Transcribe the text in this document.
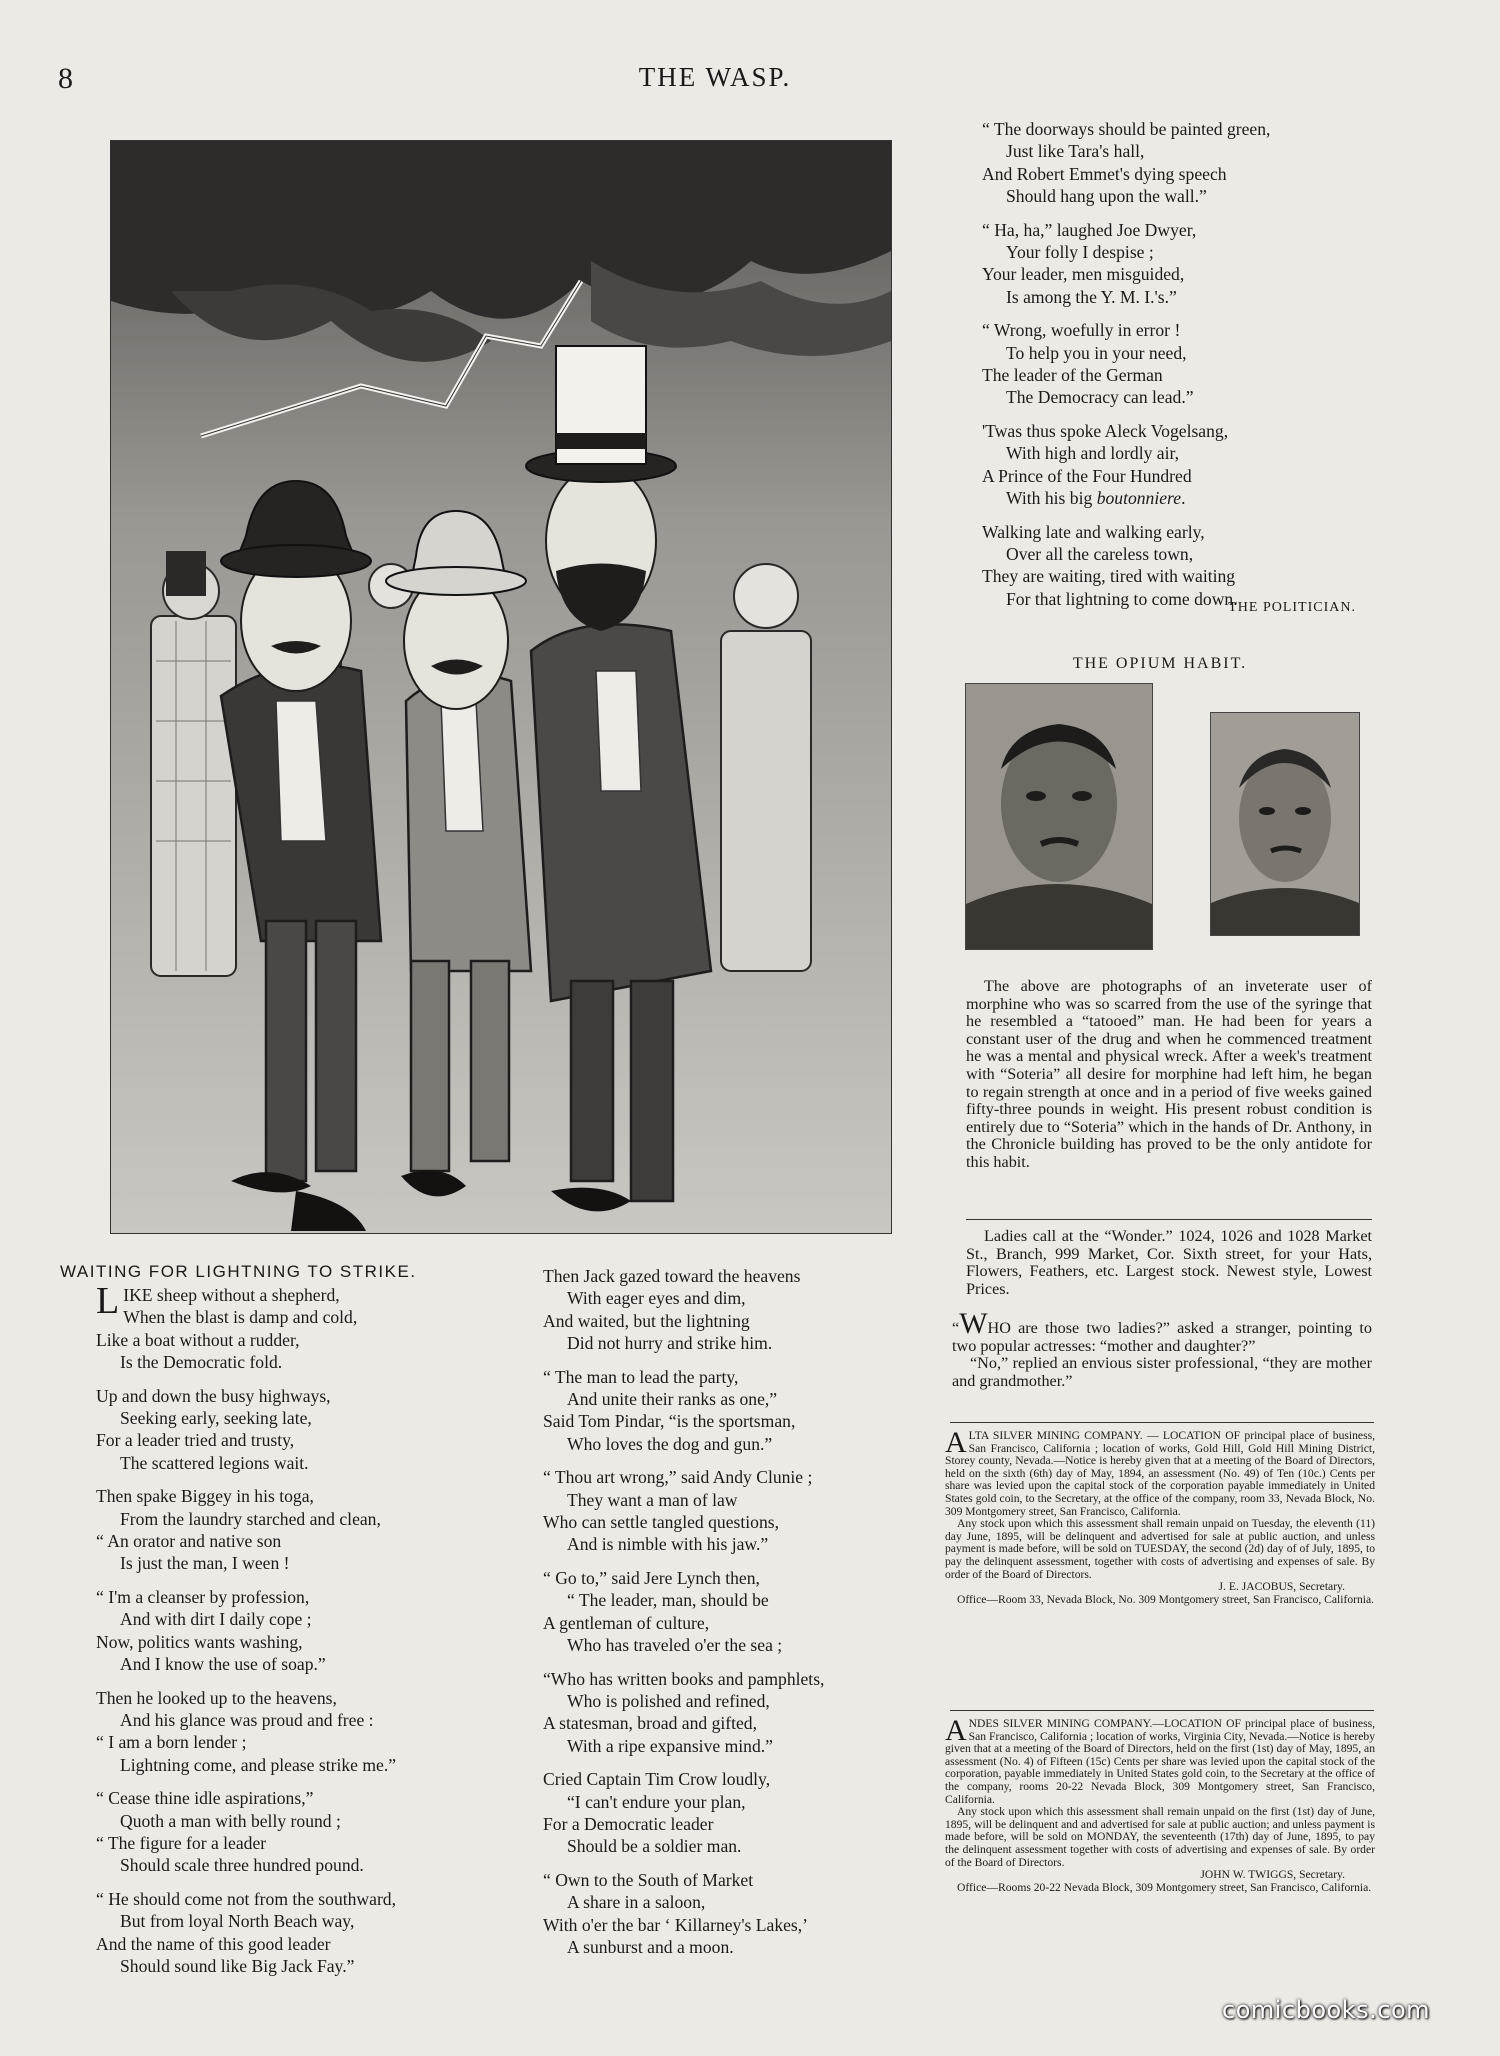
8	THE WASP.
WAITING FOR LIGHTNING TO STRIKE.
L IKE sheep without a shepherd,

When the blast is damp and cold,

Like a boat without a rudder,

Is the Democratic fold.

Up and down the busy highways,

Seeking early, seeking late,

For a leader tried and trusty,

The scattered legions wait.

Then spake Biggey in his toga,

From the laundry starched and clean,

“ An orator and native son

Is just the man, I ween !

“ I'm a cleanser by profession,

And with dirt I daily cope ;

Now, politics wants washing,

And I know the use of soap.”

Then he looked up to the heavens,

And his glance was proud and free :

“ I am a born lender ;

Lightning come, and please strike me.”

“ Cease thine idle aspirations,”

Quoth a man with belly round ;

“ The figure for a leader

Should scale three hundred pound.

“ He should come not from the southward,

But from loyal North Beach way,

And the name of this good leader

Should sound like Big Jack Fay.”

Then Jack gazed toward the heavens

With eager eyes and dim,

And waited, but the lightning

Did not hurry and strike him.

“ The man to lead the party,

And unite their ranks as one,”

Said Tom Pindar, “is the sportsman,

Who loves the dog and gun.”

“ Thou art wrong,” said Andy Clunie ;

They want a man of law

Who can settle tangled questions,

And is nimble with his jaw.”

“ Go to,” said Jere Lynch then,

“ The leader, man, should be

A gentleman of culture,

Who has traveled o'er the sea ;

“Who has written books and pamphlets,

Who is polished and refined,

A statesman, broad and gifted,

With a ripe expansive mind.”

Cried Captain Tim Crow loudly,

“I can't endure your plan,

For a Democratic leader

Should be a soldier man.

“ Own to the South of Market

A share in a saloon,

With o'er the bar ‘ Killarney's Lakes,’

A sunburst and a moon.

“ The doorways should be painted green,

Just like Tara's hall,

And Robert Emmet's dying speech

Should hang upon the wall.”

“ Ha, ha,” laughed Joe Dwyer,

Your folly I despise ;

Your leader, men misguided,

Is among the Y. M. I.'s.”

“ Wrong, woefully in error !

To help you in your need,

The leader of the German

The Democracy can lead.”

'Twas thus spoke Aleck Vogelsang,

With high and lordly air,

A Prince of the Four Hundred

With his big boutonniere.

Walking late and walking early,

Over all the careless town,

They are waiting, tired with waiting

For that lightning to come down.

THE POLITICIAN.
THE OPIUM HABIT.
The above are photographs of an inveterate user of morphine who was so scarred from the use of the syringe that he resembled a “tatooed” man. He had been for years a constant user of the drug and when he commenced treatment he was a mental and physical wreck. After a week's treatment with “Soteria” all desire for morphine had left him, he began to regain strength at once and in a period of five weeks gained fifty-three pounds in weight. His present robust condition is entirely due to “Soteria” which in the hands of Dr. Anthony, in the Chronicle building has proved to be the only antidote for this habit.
Ladies call at the “Wonder.” 1024, 1026 and 1028 Market St., Branch, 999 Market, Cor. Sixth street, for your Hats, Flowers, Feathers, etc. Largest stock. Newest style, Lowest Prices.

“WHO are those two ladies?” asked a stranger, pointing to two popular actresses: “mother and daughter?”

“No,” replied an envious sister professional, “they are mother and grandmother.”

ALTA SILVER MINING COMPANY. — LOCATION OF principal place of business, San Francisco, California ; location of works, Gold Hill, Gold Hill Mining District, Storey county, Nevada.—Notice is hereby given that at a meeting of the Board of Directors, held on the sixth (6th) day of May, 1894, an assessment (No. 49) of Ten (10c.) Cents per share was levied upon the capital stock of the corporation payable immediately in United States gold coin, to the Secretary, at the office of the company, room 33, Nevada Block, No. 309 Montgomery street, San Francisco, California.

Any stock upon which this assessment shall remain unpaid on Tuesday, the eleventh (11) day June, 1895, will be delinquent and advertised for sale at public auction, and unless payment is made before, will be sold on TUESDAY, the second (2d) day of of July, 1895, to pay the delinquent assessment, together with costs of advertising and expenses of sale. By order of the Board of Directors.

J. E. JACOBUS, Secretary.

Office—Room 33, Nevada Block, No. 309 Montgomery street, San Francisco, California.

ANDES SILVER MINING COMPANY.—LOCATION OF principal place of business, San Francisco, California ; location of works, Virginia City, Nevada.—Notice is hereby given that at a meeting of the Board of Directors, held on the first (1st) day of May, 1895, an assessment (No. 4) of Fifteen (15c) Cents per share was levied upon the capital stock of the corporation, payable immediately in United States gold coin, to the Secretary at the office of the company, rooms 20-22 Nevada Block, 309 Montgomery street, San Francisco, California.

Any stock upon which this assessment shall remain unpaid on the first (1st) day of June, 1895, will be delinquent and and advertised for sale at public auction; and unless payment is made before, will be sold on MONDAY, the seventeenth (17th) day of June, 1895, to pay the delinquent assessment together with costs of advertising and expenses of sale. By order of the Board of Directors.

JOHN W. TWIGGS, Secretary.

Office—Rooms 20-22 Nevada Block, 309 Montgomery street, San Francisco, California.

comicbooks.com
